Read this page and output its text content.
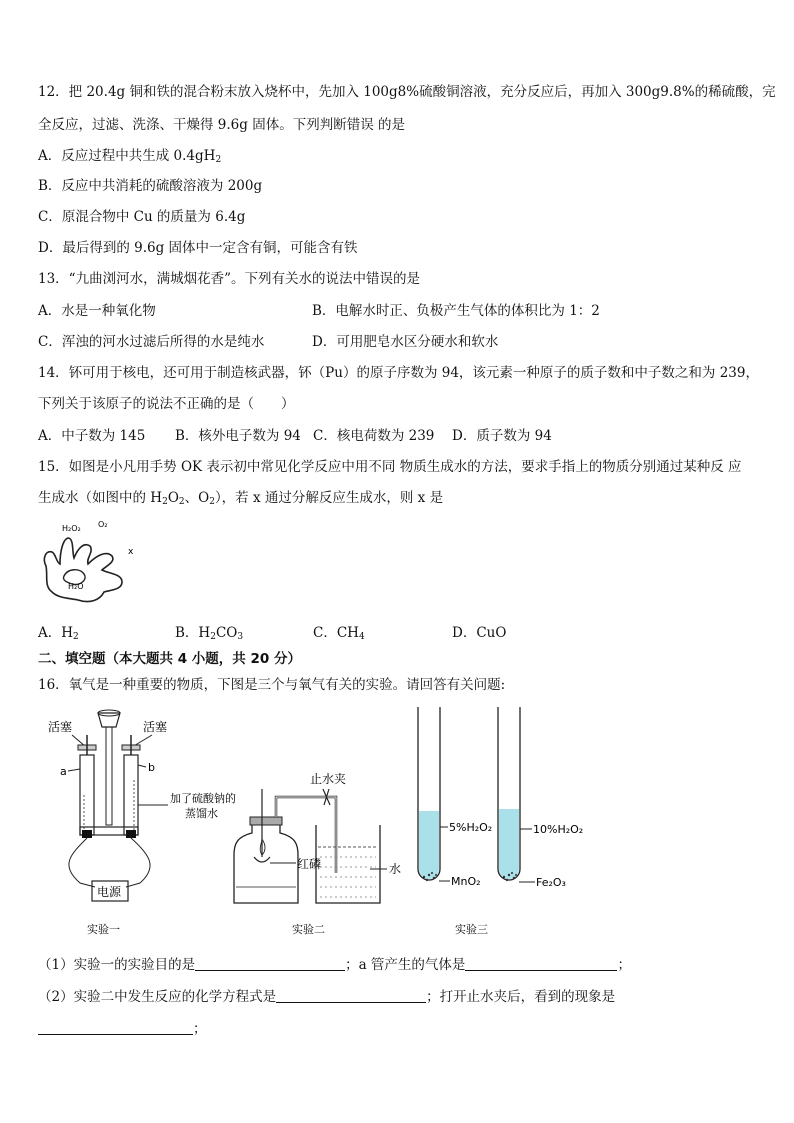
12．把 20.4g 铜和铁的混合粉末放入烧杯中，先加入 100g8%硫酸铜溶液，充分反应后，再加入 300g9.8%的稀硫酸，完
全反应，过滤、洗涤、干燥得 9.6g 固体。下列判断错误 的是
A．反应过程中共生成 $0.4gH_2$
B．反应中共消耗的硫酸溶液为 200g
C．原混合物中 Cu 的质量为 6.4g
D．最后得到的 9.6g 固体中一定含有铜，可能含有铁
13．“九曲浏河水，满城烟花香”。下列有关水的说法中错误的是
A．水是一种氧化物	B．电解水时正、负极产生气体的体积比为 1：2
C．浑浊的河水过滤后所得的水是纯水	D．可用肥皂水区分硬水和软水
14．钚可用于核电，还可用于制造核武器，钚（Pu）的原子序数为 94，该元素一种原子的质子数和中子数之和为 239，
下列关于该原子的说法不正确的是（　　）
A．中子数为 145 B．核外电子数为 94 C．核电荷数为 239 D．质子数为 94
15．如图是小凡用手势 OK 表示初中常见化学反应中用不同 物质生成水的方法，要求手指上的物质分别通过某种反 应
生成水（如图中的 $H_2O_2$、$O_2$），若 x 通过分解反应生成水，则 x 是
H₂O₂ O₂
x
H₂O
A．$H_2$	B．$H_2CO_3$	C．$CH_4$	D．CuO
二、填空题（本大题共 4 小题，共 20 分）
16．氧气是一种重要的物质，下图是三个与氧气有关的实验。请回答有关问题:
活塞	活塞
a	b
加了硫酸钠的
蒸馏水
电源
实验一
止水夹
红磷	水
实验二
5%H₂O₂
MnO₂
10%H₂O₂
Fe₂O₃
实验三
（1）实验一的实验目的是	；a 管产生的气体是	；
（2）实验二中发生反应的化学方程式是	；打开止水夹后，看到的现象是
；
